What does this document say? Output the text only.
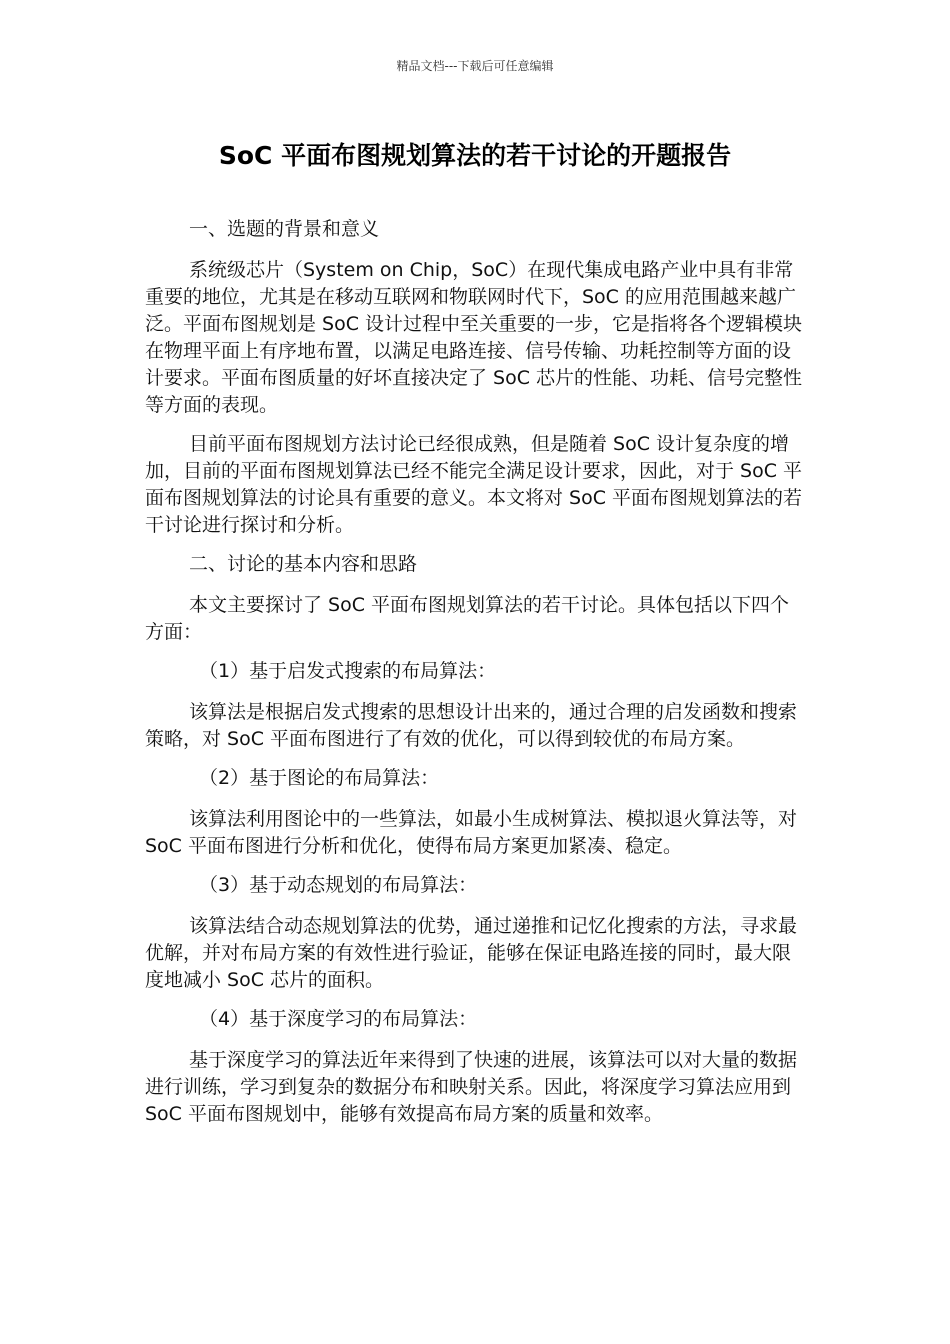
精品文档---下载后可任意编辑
SoC 平面布图规划算法的若干讨论的开题报告

一、选题的背景和意义

系统级芯片（System on Chip，SoC）在现代集成电路产业中具有非常重要的地位，尤其是在移动互联网和物联网时代下，SoC 的应用范围越来越广泛。平面布图规划是 SoC 设计过程中至关重要的一步，它是指将各个逻辑模块在物理平面上有序地布置，以满足电路连接、信号传输、功耗控制等方面的设计要求。平面布图质量的好坏直接决定了 SoC 芯片的性能、功耗、信号完整性等方面的表现。

目前平面布图规划方法讨论已经很成熟，但是随着 SoC 设计复杂度的增加，目前的平面布图规划算法已经不能完全满足设计要求，因此，对于 SoC 平面布图规划算法的讨论具有重要的意义。本文将对 SoC 平面布图规划算法的若干讨论进行探讨和分析。

二、讨论的基本内容和思路

本文主要探讨了 SoC 平面布图规划算法的若干讨论。具体包括以下四个方面：

（1）基于启发式搜索的布局算法：

该算法是根据启发式搜索的思想设计出来的，通过合理的启发函数和搜索策略，对 SoC 平面布图进行了有效的优化，可以得到较优的布局方案。

（2）基于图论的布局算法：

该算法利用图论中的一些算法，如最小生成树算法、模拟退火算法等，对 SoC 平面布图进行分析和优化，使得布局方案更加紧凑、稳定。

（3）基于动态规划的布局算法：

该算法结合动态规划算法的优势，通过递推和记忆化搜索的方法，寻求最优解，并对布局方案的有效性进行验证，能够在保证电路连接的同时，最大限度地减小 SoC 芯片的面积。

（4）基于深度学习的布局算法：

基于深度学习的算法近年来得到了快速的进展，该算法可以对大量的数据进行训练，学习到复杂的数据分布和映射关系。因此，将深度学习算法应用到 SoC 平面布图规划中，能够有效提高布局方案的质量和效率。
